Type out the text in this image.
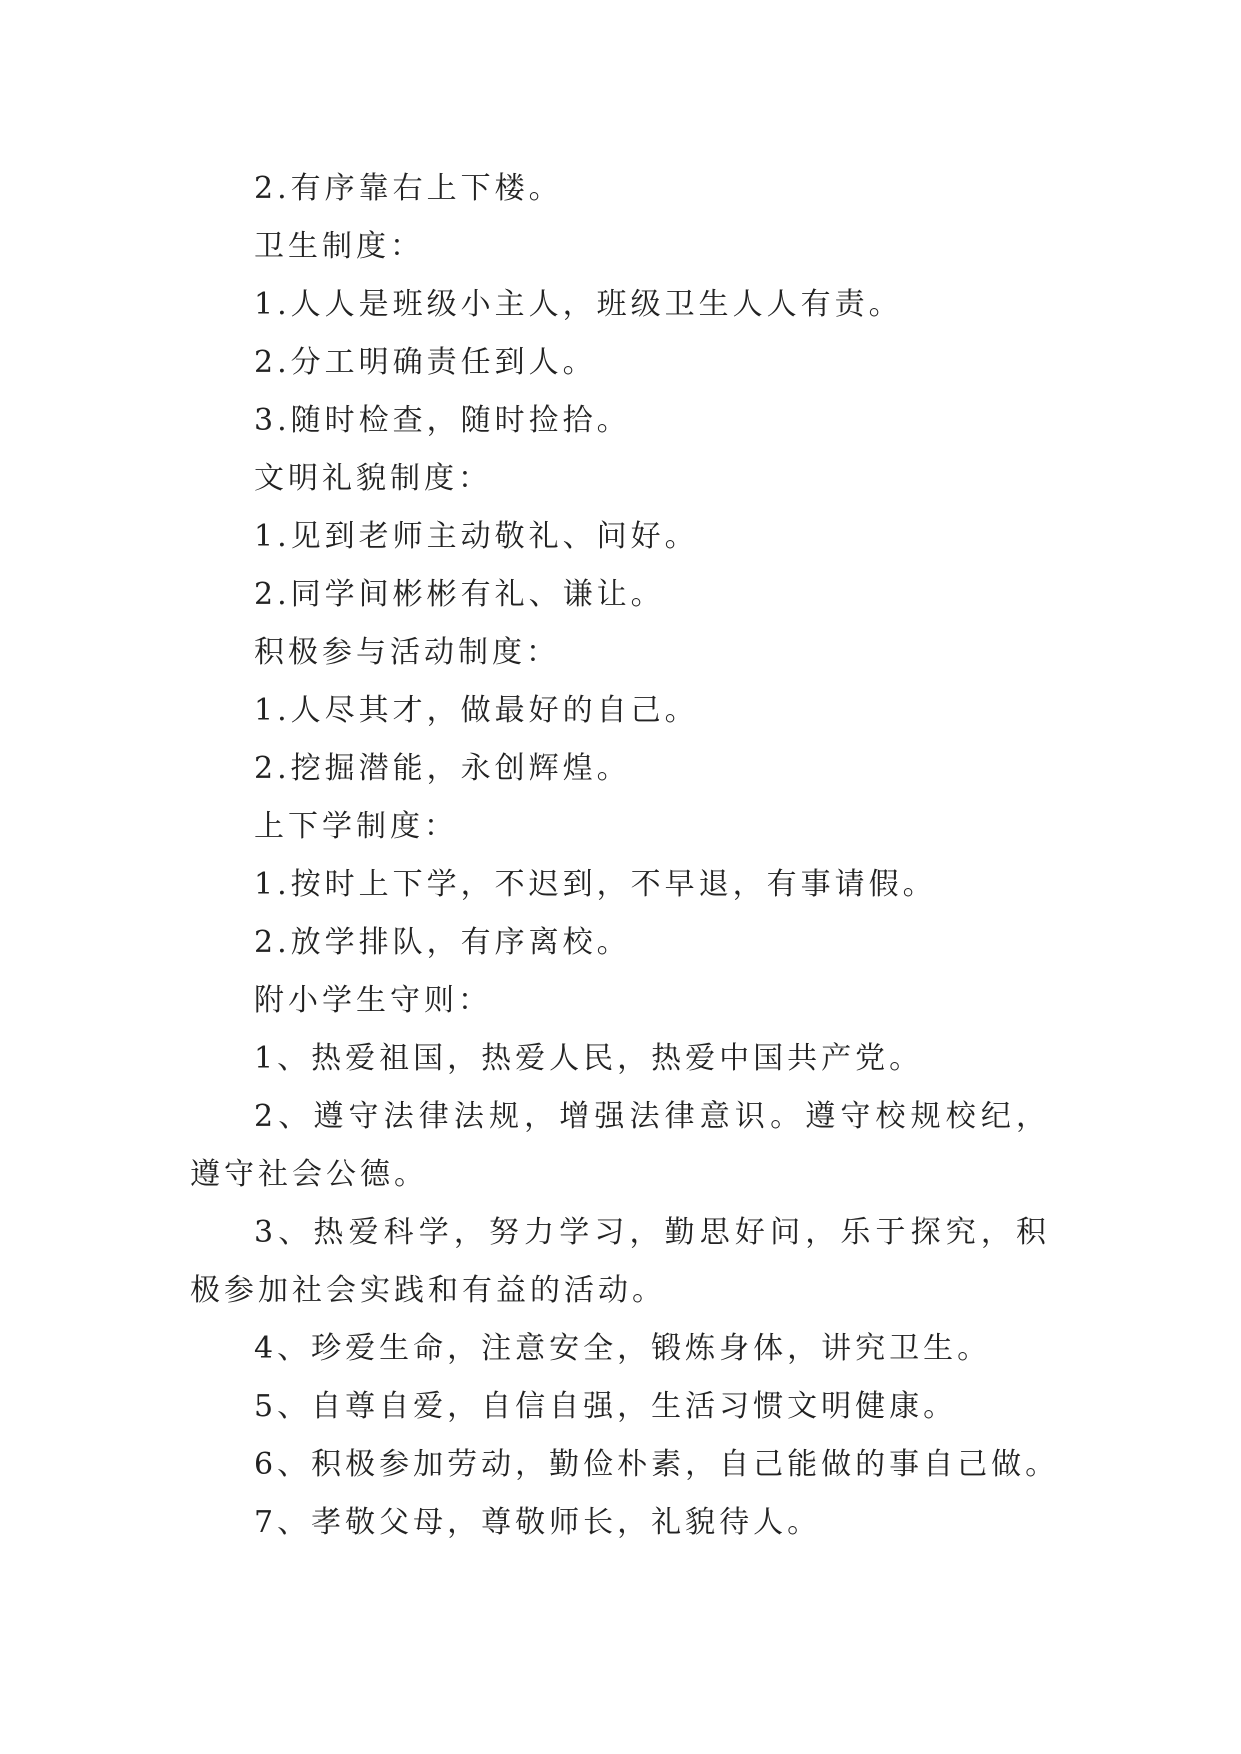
2.有序靠右上下楼。
卫生制度：
1.人人是班级小主人，班级卫生人人有责。
2.分工明确责任到人。
3.随时检查，随时捡拾。
文明礼貌制度：
1.见到老师主动敬礼、问好。
2.同学间彬彬有礼、谦让。
积极参与活动制度：
1.人尽其才，做最好的自己。
2.挖掘潜能，永创辉煌。
上下学制度：
1.按时上下学，不迟到，不早退，有事请假。
2.放学排队，有序离校。
附小学生守则：
1、热爱祖国，热爱人民，热爱中国共产党。
2、遵守法律法规，增强法律意识。遵守校规校纪，遵守社会公德。
3、热爱科学，努力学习，勤思好问，乐于探究，积极参加社会实践和有益的活动。
4、珍爱生命，注意安全，锻炼身体，讲究卫生。
5、自尊自爱，自信自强，生活习惯文明健康。
6、积极参加劳动，勤俭朴素，自己能做的事自己做。
7、孝敬父母，尊敬师长，礼貌待人。
